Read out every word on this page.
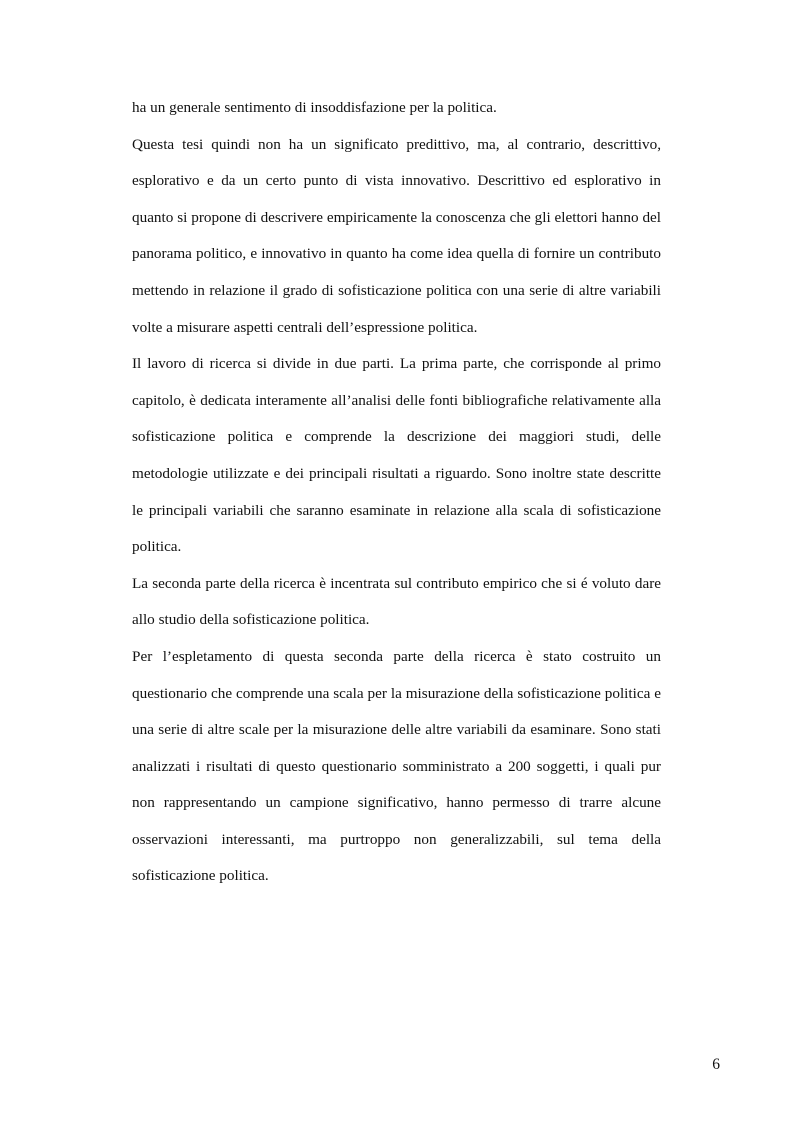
ha un generale sentimento di insoddisfazione per la politica.

Questa tesi quindi non ha un significato predittivo, ma, al contrario, descrittivo, esplorativo e da un certo punto di vista innovativo. Descrittivo ed esplorativo in quanto si propone di descrivere empiricamente la conoscenza che gli elettori hanno del panorama politico, e innovativo in quanto ha come idea quella di fornire un contributo mettendo in relazione il grado di sofisticazione politica con una serie di altre variabili volte a misurare aspetti centrali dell’espressione politica.

Il lavoro di ricerca si divide in due parti. La prima parte, che corrisponde al primo capitolo, è dedicata interamente all’analisi delle fonti bibliografiche relativamente alla sofisticazione politica e comprende la descrizione dei maggiori studi, delle metodologie utilizzate e dei principali risultati a riguardo. Sono inoltre state descritte le principali variabili che saranno esaminate in relazione alla scala di sofisticazione politica.

La seconda parte della ricerca è incentrata sul contributo empirico che si é voluto dare allo studio della sofisticazione politica.

Per l’espletamento di questa seconda parte della ricerca è stato costruito un questionario che comprende una scala per la misurazione della sofisticazione politica e una serie di altre scale per la misurazione delle altre variabili da esaminare. Sono stati analizzati i risultati di questo questionario somministrato a 200 soggetti, i quali pur non rappresentando un campione significativo, hanno permesso di trarre alcune osservazioni interessanti, ma purtroppo non generalizzabili, sul tema della sofisticazione politica.

6
